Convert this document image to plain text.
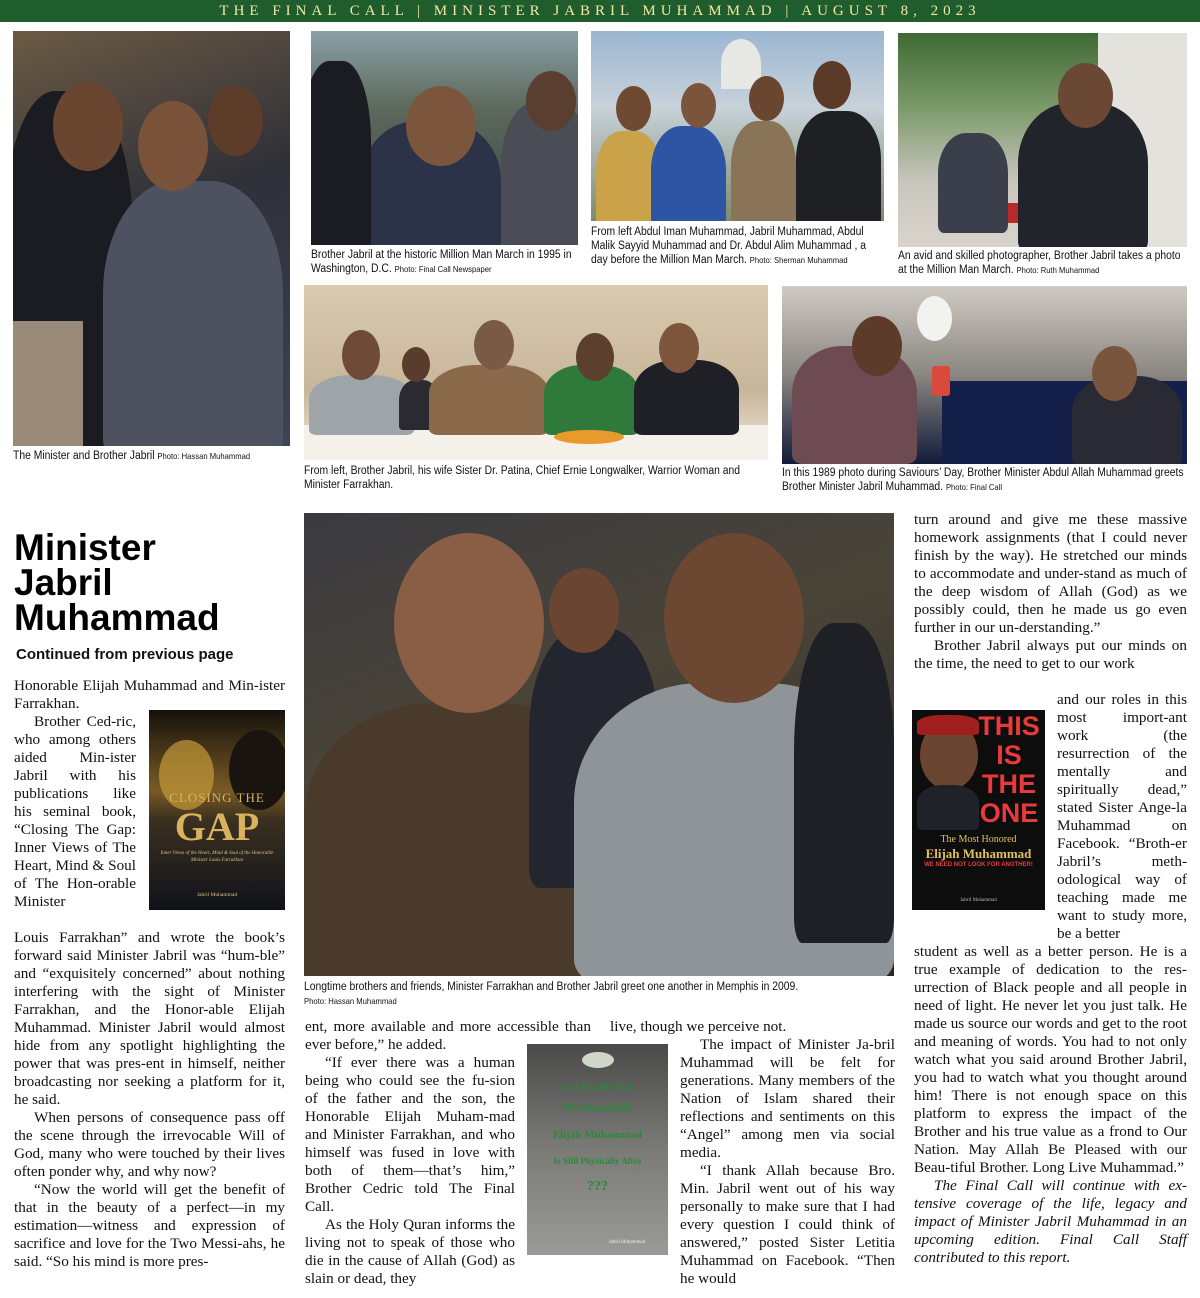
THE FINAL CALL | MINISTER JABRIL MUHAMMAD | AUGUST 8, 2023
The Minister and Brother Jabril Photo: Hassan Muhammad
Brother Jabril at the historic Million Man March in 1995 in Washington, D.C. Photo: Final Call Newspaper
From left Abdul Iman Muhammad, Jabril Muhammad, Abdul Malik Sayyid Muhammad and Dr. Abdul Alim Muhammad , a day before the Million Man March. Photo: Sherman Muhammad	An avid and skilled photographer, Brother Jabril takes a photo at the Million Man March. Photo: Ruth Muhammad
From left, Brother Jabril, his wife Sister Dr. Patina, Chief Ernie Longwalker, Warrior Woman and Minister Farrakhan.
In this 1989 photo during Saviours’ Day, Brother Minister Abdul Allah Muhammad greets Brother Minister Jabril Muhammad. Photo: Final Call
Minister
Jabril
Muhammad
Continued from previous page
Longtime brothers and friends, Minister Farrakhan and Brother Jabril greet one another in Memphis in 2009.
Photo: Hassan Muhammad
CLOSING THE
GAP
Inner Views of the Heart, Mind & Soul of the Honorable Minister Louis Farrakhan
Jabril Muhammad
THIS
IS
THE
ONE
The Most Honored
Elijah Muhammad
WE NEED NOT LOOK FOR ANOTHER!
Jabril Muhammad
Is It Possible That
The Honorable
Elijah Muhammad
Is Still Physically Alive
???
Jabril Muhammad

Honorable Elijah Muhammad and Min-ister Farrakhan.

Brother Ced-ric, who among others aided Min-ister Jabril with his publications like his seminal book, “Closing The Gap: Inner Views of The Heart, Mind & Soul of The Hon-orable Minister

Louis Farrakhan” and wrote the book’s forward said Minister Jabril was “hum-ble” and “exquisitely concerned” about nothing interfering with the sight of Minister Farrakhan, and the Honor-able Elijah Muhammad. Minister Jabril would almost hide from any spotlight highlighting the power that was pres-ent in himself, neither broadcasting nor seeking a platform for it, he said.

When persons of consequence pass off the scene through the irrevocable Will of God, many who were touched by their lives often ponder why, and why now?

“Now the world will get the benefit of that in the beauty of a perfect—in my estimation—witness and expression of sacrifice and love for the Two Messi-ahs, he said. “So his mind is more pres-

ent, more available and more accessible than ever before,” he added.

“If ever there was a human being who could see the fu-sion of the father and the son, the Honorable Elijah Muham-mad and Minister Farrakhan, and who himself was fused in love with both of them—that’s him,” Brother Cedric told The Final Call.

As the Holy Quran informs the living not to speak of those who die in the cause of Allah (God) as slain or dead, they

live, though we perceive not.

The impact of Minister Ja-bril Muhammad will be felt for generations. Many members of the Nation of Islam shared their reflections and sentiments on this “Angel” among men via social media.

“I thank Allah because Bro. Min. Jabril went out of his way personally to make sure that I had every question I could think of answered,” posted Sister Letitia Muhammad on Facebook. “Then he would

turn around and give me these massive homework assignments (that I could never finish by the way). He stretched our minds to accommodate and under-stand as much of the deep wisdom of Allah (God) as we possibly could, then he made us go even further in our un-derstanding.”

Brother Jabril always put our minds on the time, the need to get to our work

and our roles in this most import-ant work (the resurrection of the mentally and spiritually dead,” stated Sister Ange-la Muhammad on Facebook. “Broth-er Jabril’s meth-odological way of teaching made me want to study more, be a better

student as well as a better person. He is a true example of dedication to the res-urrection of Black people and all people in need of light. He never let you just talk. He made us source our words and get to the root and meaning of words. You had to not only watch what you said around Brother Jabril, you had to watch what you thought around him! There is not enough space on this platform to express the impact of the Brother and his true value as a frond to Our Nation. May Allah Be Pleased with our Beau-tiful Brother. Long Live Muhammad.”

The Final Call will continue with ex-tensive coverage of the life, legacy and impact of Minister Jabril Muhammad in an upcoming edition. Final Call Staff contributed to this report.
